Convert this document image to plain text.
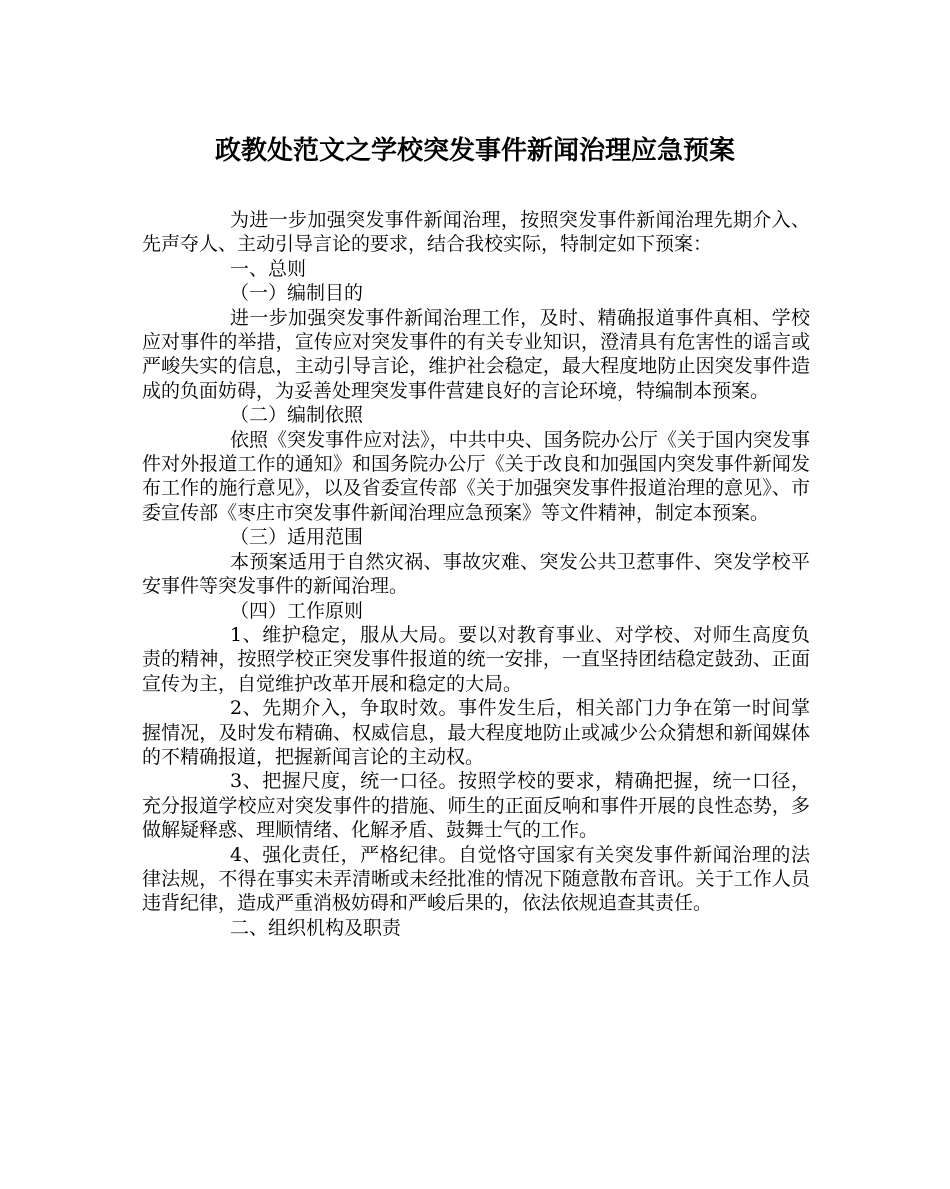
政教处范文之学校突发事件新闻治理应急预案

为进一步加强突发事件新闻治理，按照突发事件新闻治理先期介入、先声夺人、主动引导言论的要求，结合我校实际，特制定如下预案：

一、总则

（一）编制目的

进一步加强突发事件新闻治理工作，及时、精确报道事件真相、学校应对事件的举措，宣传应对突发事件的有关专业知识，澄清具有危害性的谣言或严峻失实的信息，主动引导言论，维护社会稳定，最大程度地防止因突发事件造成的负面妨碍，为妥善处理突发事件营建良好的言论环境，特编制本预案。

（二）编制依照

依照《突发事件应对法》，中共中央、国务院办公厅《关于国内突发事件对外报道工作的通知》和国务院办公厅《关于改良和加强国内突发事件新闻发布工作的施行意见》，以及省委宣传部《关于加强突发事件报道治理的意见》、市委宣传部《枣庄市突发事件新闻治理应急预案》等文件精神，制定本预案。

（三）适用范围

本预案适用于自然灾祸、事故灾难、突发公共卫惹事件、突发学校平安事件等突发事件的新闻治理。

（四）工作原则

1、维护稳定，服从大局。要以对教育事业、对学校、对师生高度负责的精神，按照学校正突发事件报道的统一安排，一直坚持团结稳定鼓劲、正面宣传为主，自觉维护改革开展和稳定的大局。

2、先期介入，争取时效。事件发生后，相关部门力争在第一时间掌握情况，及时发布精确、权威信息，最大程度地防止或减少公众猜想和新闻媒体的不精确报道，把握新闻言论的主动权。

3、把握尺度，统一口径。按照学校的要求，精确把握，统一口径，充分报道学校应对突发事件的措施、师生的正面反响和事件开展的良性态势，多做解疑释惑、理顺情绪、化解矛盾、鼓舞士气的工作。

4、强化责任，严格纪律。自觉恪守国家有关突发事件新闻治理的法律法规，不得在事实未弄清晰或未经批准的情况下随意散布音讯。关于工作人员违背纪律，造成严重消极妨碍和严峻后果的，依法依规追查其责任。

二、组织机构及职责
